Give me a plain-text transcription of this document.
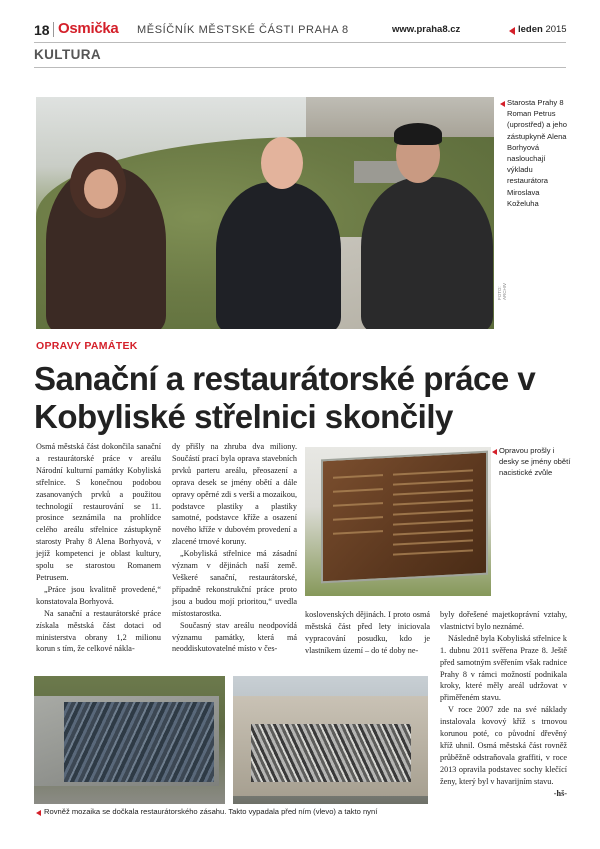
18 Osmička MĚSÍČNÍK MĚSTSKÉ ČÁSTI PRAHA 8	www.praha8.cz	leden 2015
KULTURA
FOTO: ARCHIV
Starosta Prahy 8 Roman Petrus (uprostřed) a jeho zástupkyně Alena Borhyová naslouchají výkladu restaurátora Miroslava Koželuha
OPRAVY PAMÁTEK
Sanační a restaurátorské práce v Kobyliské střelnici skončily

Osmá městská část dokončila sanační a restaurátorské práce v areálu Národní kulturní památky Kobyliská střelnice. S konečnou podobou zasanovaných prvků a použitou technologií restaurování se 11. prosince seznámila na prohlídce celého areálu střelnice zástupkyně starosty Prahy 8 Alena Borhyová, v jejíž kompetenci je oblast kultury, spolu se starostou Romanem Petrusem.

„Práce jsou kvalitně provedené,“ konstatovala Borhyová.

Na sanační a restaurátorské práce získala městská část dotaci od ministerstva obrany 1,2 milionu korun s tím, že celkové nákla-

dy přišly na zhruba dva miliony. Součástí prací byla oprava stavebních prvků parteru areálu, přeosazení a oprava desek se jmény obětí a dále opravy opěrné zdi s verši a mozaikou, podstavce plastiky a plastiky samotné, podstavce kříže a osazení nového kříže v dubovém provedení a zlacené trnové koruny.

„Kobyliská střelnice má zásadní význam v dějinách naší země. Veškeré sanační, restaurátorské, případně rekonstrukční práce proto jsou a budou mojí prioritou,“ uvedla místostarostka.

Současný stav areálu neodpovídá významu památky, která má neoddiskutovatelné místo v čes-

Opravou prošly i desky se jmény obětí nacistické zvůle

koslovenských dějinách. I proto osmá městská část před lety iniciovala vypracování posudku, kdo je vlastníkem území – do té doby ne-

byly dořešené majetkoprávní vztahy, vlastnictví bylo neznámé.

Následně byla Kobyliská střelnice k 1. dubnu 2011 svěřena Praze 8. Ještě před samotným svěřením však radnice Prahy 8 v rámci možností podnikala kroky, které měly areál udržovat v přiměřeném stavu.

V roce 2007 zde na své náklady instalovala kovový kříž s trnovou korunou poté, co původní dřevěný kříž uhnil. Osmá městská část rovněž průběžně odstraňovala graffiti, v roce 2013 opravila podstavec sochy klečící ženy, který byl v havarijním stavu.

-hš-

Rovněž mozaika se dočkala restaurátorského zásahu. Takto vypadala před ním (vlevo) a takto nyní
